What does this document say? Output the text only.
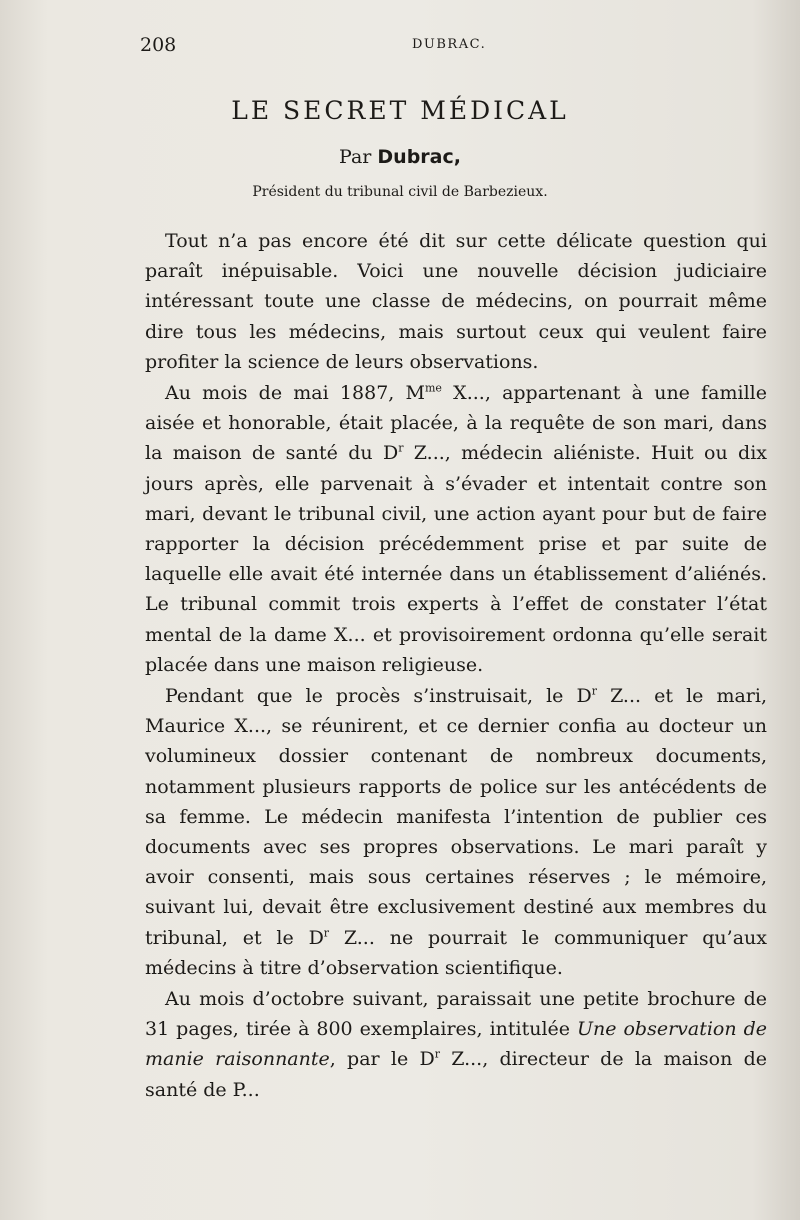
208	DUBRAC.
LE SECRET MÉDICAL
Par Dubrac,
Président du tribunal civil de Barbezieux.

Tout n’a pas encore été dit sur cette délicate question qui paraît inépuisable. Voici une nouvelle décision judiciaire intéressant toute une classe de médecins, on pourrait même dire tous les médecins, mais surtout ceux qui veulent faire profiter la science de leurs observations.

Au mois de mai 1887, $M^{me}$ X..., appartenant à une famille aisée et honorable, était placée, à la requête de son mari, dans la maison de santé du $D^r$ Z..., médecin aliéniste. Huit ou dix jours après, elle parvenait à s’évader et intentait contre son mari, devant le tribunal civil, une action ayant pour but de faire rapporter la décision précédemment prise et par suite de laquelle elle avait été internée dans un établissement d’aliénés. Le tribunal commit trois experts à l’effet de constater l’état mental de la dame X... et provisoirement ordonna qu’elle serait placée dans une maison religieuse.

Pendant que le procès s’instruisait, le $D^r$ Z... et le mari, Maurice X..., se réunirent, et ce dernier confia au docteur un volumineux dossier contenant de nombreux documents, notamment plusieurs rapports de police sur les antécédents de sa femme. Le médecin manifesta l’intention de publier ces documents avec ses propres observations. Le mari paraît y avoir consenti, mais sous certaines réserves ; le mémoire, suivant lui, devait être exclusivement destiné aux membres du tribunal, et le $D^r$ Z... ne pourrait le communiquer qu’aux médecins à titre d’observation scientifique.

Au mois d’octobre suivant, paraissait une petite brochure de 31 pages, tirée à 800 exemplaires, intitulée Une observation de manie raisonnante, par le $D^r$ Z..., directeur de la maison de santé de P...
